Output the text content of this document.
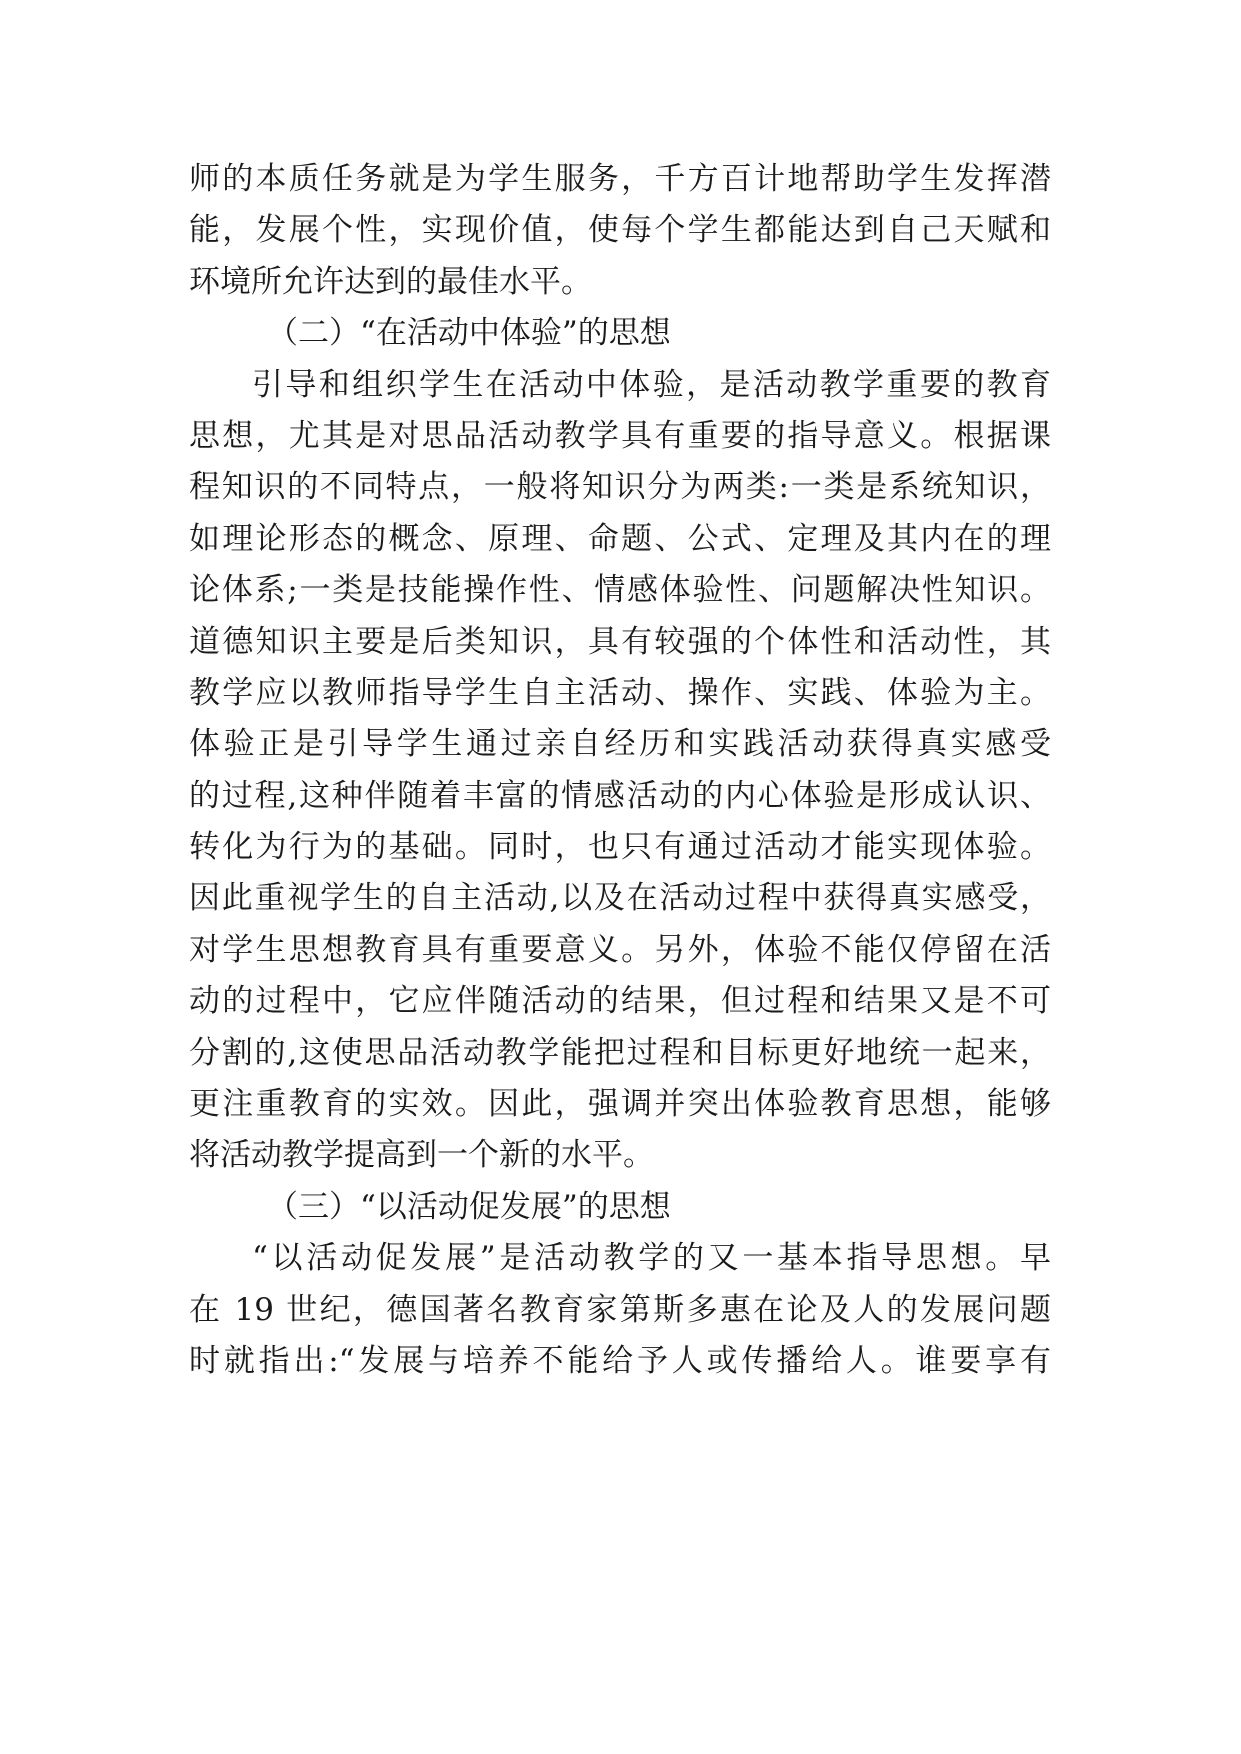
师的本质任务就是为学生服务，千方百计地帮助学生发挥潜
能，发展个性，实现价值，使每个学生都能达到自己天赋和
环境所允许达到的最佳水平。
（二）“在活动中体验”的思想
引导和组织学生在活动中体验，是活动教学重要的教育
思想，尤其是对思品活动教学具有重要的指导意义。根据课
程知识的不同特点，一般将知识分为两类:一类是系统知识，
如理论形态的概念、原理、命题、公式、定理及其内在的理
论体系;一类是技能操作性、情感体验性、问题解决性知识。
道德知识主要是后类知识，具有较强的个体性和活动性，其
教学应以教师指导学生自主活动、操作、实践、体验为主。
体验正是引导学生通过亲自经历和实践活动获得真实感受
的过程,这种伴随着丰富的情感活动的内心体验是形成认识、
转化为行为的基础。同时，也只有通过活动才能实现体验。
因此重视学生的自主活动,以及在活动过程中获得真实感受，
对学生思想教育具有重要意义。另外，体验不能仅停留在活
动的过程中，它应伴随活动的结果，但过程和结果又是不可
分割的,这使思品活动教学能把过程和目标更好地统一起来，
更注重教育的实效。因此，强调并突出体验教育思想，能够
将活动教学提高到一个新的水平。
（三）“以活动促发展”的思想
“以活动促发展”是活动教学的又一基本指导思想。早
在 19 世纪，德国著名教育家第斯多惠在论及人的发展问题
时就指出:“发展与培养不能给予人或传播给人。谁要享有
